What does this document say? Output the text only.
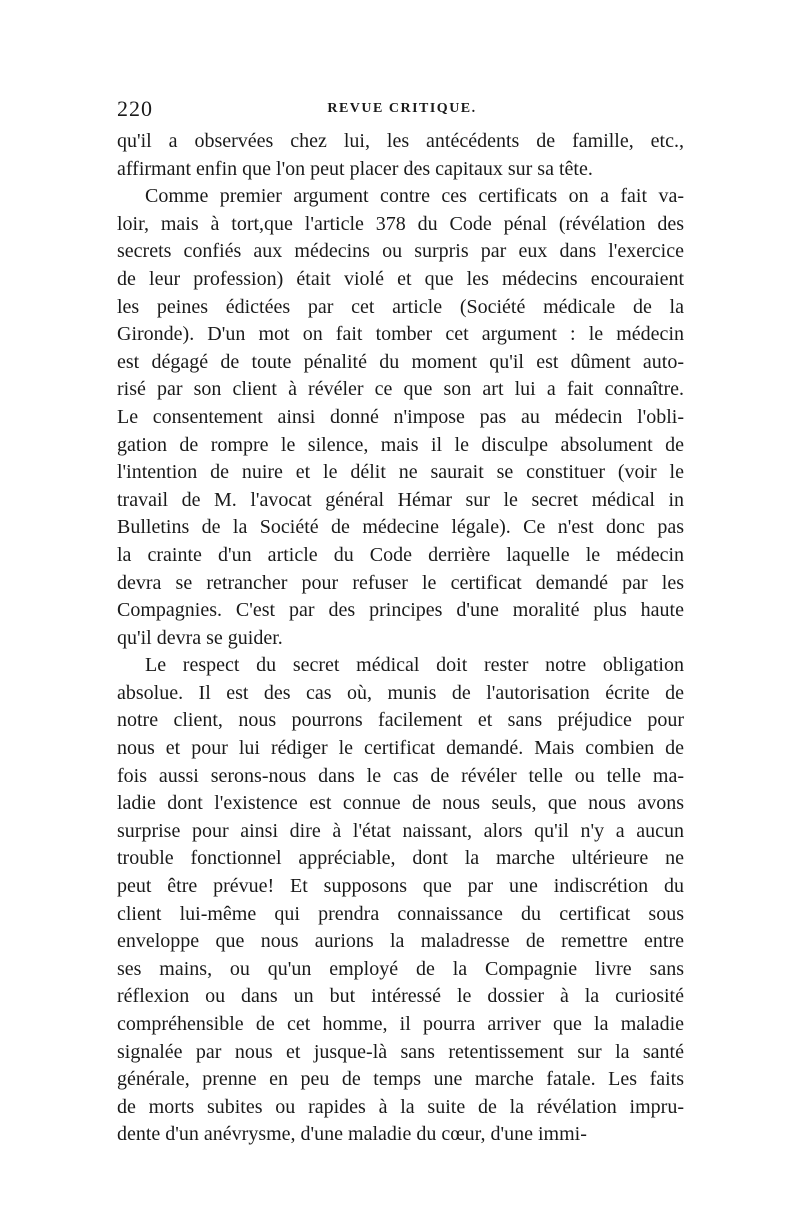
220	REVUE CRITIQUE.
qu'il a observées chez lui, les antécédents de famille, etc.,
affirmant enfin que l'on peut placer des capitaux sur sa tête.
Comme premier argument contre ces certificats on a fait va-
loir, mais à tort,que l'article 378 du Code pénal (révélation des
secrets confiés aux médecins ou surpris par eux dans l'exercice
de leur profession) était violé et que les médecins encouraient
les peines édictées par cet article (Société médicale de la
Gironde). D'un mot on fait tomber cet argument : le médecin
est dégagé de toute pénalité du moment qu'il est dûment auto-
risé par son client à révéler ce que son art lui a fait connaître.
Le consentement ainsi donné n'impose pas au médecin l'obli-
gation de rompre le silence, mais il le disculpe absolument de
l'intention de nuire et le délit ne saurait se constituer (voir le
travail de M. l'avocat général Hémar sur le secret médical in
Bulletins de la Société de médecine légale). Ce n'est donc pas
la crainte d'un article du Code derrière laquelle le médecin
devra se retrancher pour refuser le certificat demandé par les
Compagnies. C'est par des principes d'une moralité plus haute
qu'il devra se guider.
Le respect du secret médical doit rester notre obligation
absolue. Il est des cas où, munis de l'autorisation écrite de
notre client, nous pourrons facilement et sans préjudice pour
nous et pour lui rédiger le certificat demandé. Mais combien de
fois aussi serons-nous dans le cas de révéler telle ou telle ma-
ladie dont l'existence est connue de nous seuls, que nous avons
surprise pour ainsi dire à l'état naissant, alors qu'il n'y a aucun
trouble fonctionnel appréciable, dont la marche ultérieure ne
peut être prévue! Et supposons que par une indiscrétion du
client lui-même qui prendra connaissance du certificat sous
enveloppe que nous aurions la maladresse de remettre entre
ses mains, ou qu'un employé de la Compagnie livre sans
réflexion ou dans un but intéressé le dossier à la curiosité
compréhensible de cet homme, il pourra arriver que la maladie
signalée par nous et jusque-là sans retentissement sur la santé
générale, prenne en peu de temps une marche fatale. Les faits
de morts subites ou rapides à la suite de la révélation impru-
dente d'un anévrysme, d'une maladie du cœur, d'une immi-
